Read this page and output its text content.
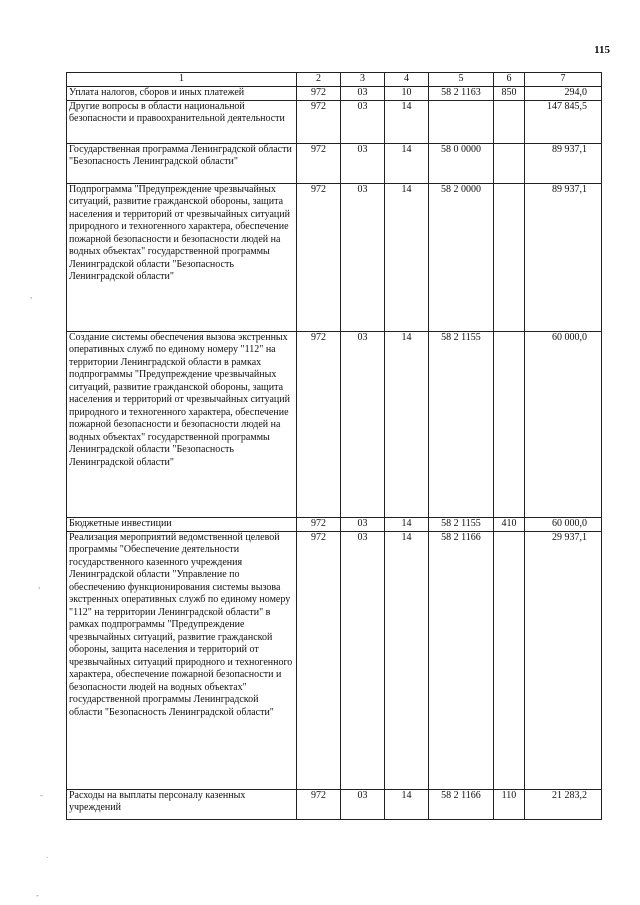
115
1	2	3	4	5	6	7
Уплата налогов, сборов и иных платежей	972	03	10	58 2 1163	850	294,0
Другие вопросы в области национальной безопасности и правоохранительной деятельности	972	03	14			147 845,5
Государственная программа Ленинградской области "Безопасность Ленинградской области"	972	03	14	58 0 0000		89 937,1
Подпрограмма "Предупреждение чрезвычайных ситуаций, развитие гражданской обороны, защита населения и территорий от чрезвычайных ситуаций природного и техногенного характера, обеспечение пожарной безопасности и безопасности людей на водных объектах" государственной программы Ленинградской области "Безопасность Ленинградской области"	972	03	14	58 2 0000		89 937,1
Создание системы обеспечения вызова экстренных оперативных служб по единому номеру "112" на территории Ленинградской области в рамках подпрограммы "Предупреждение чрезвычайных ситуаций, развитие гражданской обороны, защита населения и территорий от чрезвычайных ситуаций природного и техногенного характера, обеспечение пожарной безопасности и безопасности людей на водных объектах" государственной программы Ленинградской области "Безопасность Ленинградской области"	972	03	14	58 2 1155		60 000,0
Бюджетные инвестиции	972	03	14	58 2 1155	410	60 000,0
Реализация мероприятий ведомственной целевой программы "Обеспечение деятельности государственного казенного учреждения Ленинградской области "Управление по обеспечению функционирования системы вызова экстренных оперативных служб по единому номеру "112" на территории Ленинградской области" в рамках подпрограммы "Предупреждение чрезвычайных ситуаций, развитие гражданской обороны, защита населения и территорий от чрезвычайных ситуаций природного и техногенного характера, обеспечение пожарной безопасности и безопасности людей на водных объектах" государственной программы Ленинградской области "Безопасность Ленинградской области"	972	03	14	58 2 1166		29 937,1
Расходы на выплаты персоналу казенных учреждений	972	03	14	58 2 1166	110	21 283,2
,
,
-
.
-
